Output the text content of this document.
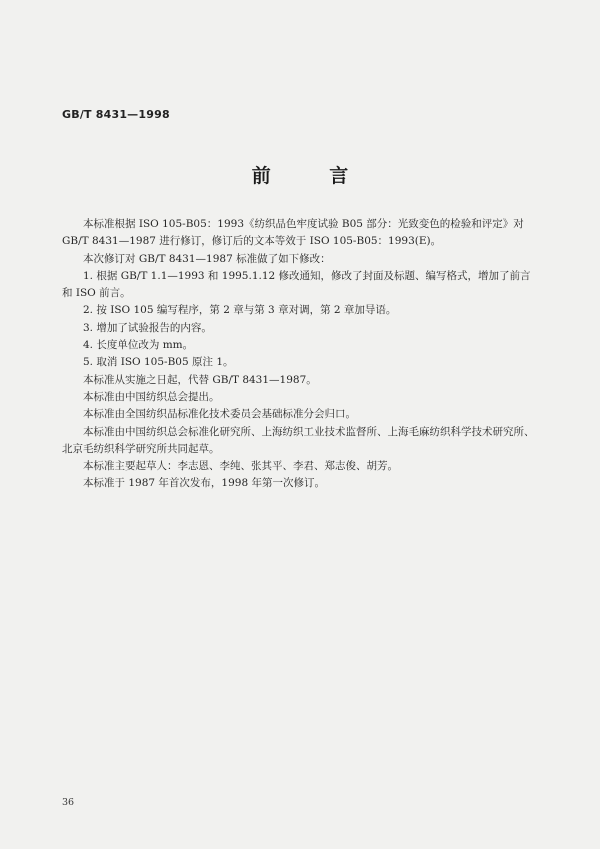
GB/T 8431—1998
前 言

本标准根据 ISO 105-B05：1993《纺织品色牢度试验 B05 部分：光致变色的检验和评定》对 GB/T 8431—1987 进行修订，修订后的文本等效于 ISO 105-B05：1993(E)。

本次修订对 GB/T 8431—1987 标准做了如下修改：

1. 根据 GB/T 1.1—1993 和 1995.1.12 修改通知，修改了封面及标题、编写格式，增加了前言和 ISO 前言。

2. 按 ISO 105 编写程序，第 2 章与第 3 章对调，第 2 章加导语。

3. 增加了试验报告的内容。

4. 长度单位改为 mm。

5. 取消 ISO 105-B05 原注 1。

本标准从实施之日起，代替 GB/T 8431—1987。

本标准由中国纺织总会提出。

本标准由全国纺织品标准化技术委员会基础标准分会归口。

本标准由中国纺织总会标准化研究所、上海纺织工业技术监督所、上海毛麻纺织科学技术研究所、北京毛纺织科学研究所共同起草。

本标准主要起草人：李志恩、李纯、张其平、李君、郑志俊、胡芳。

本标准于 1987 年首次发布，1998 年第一次修订。

36
